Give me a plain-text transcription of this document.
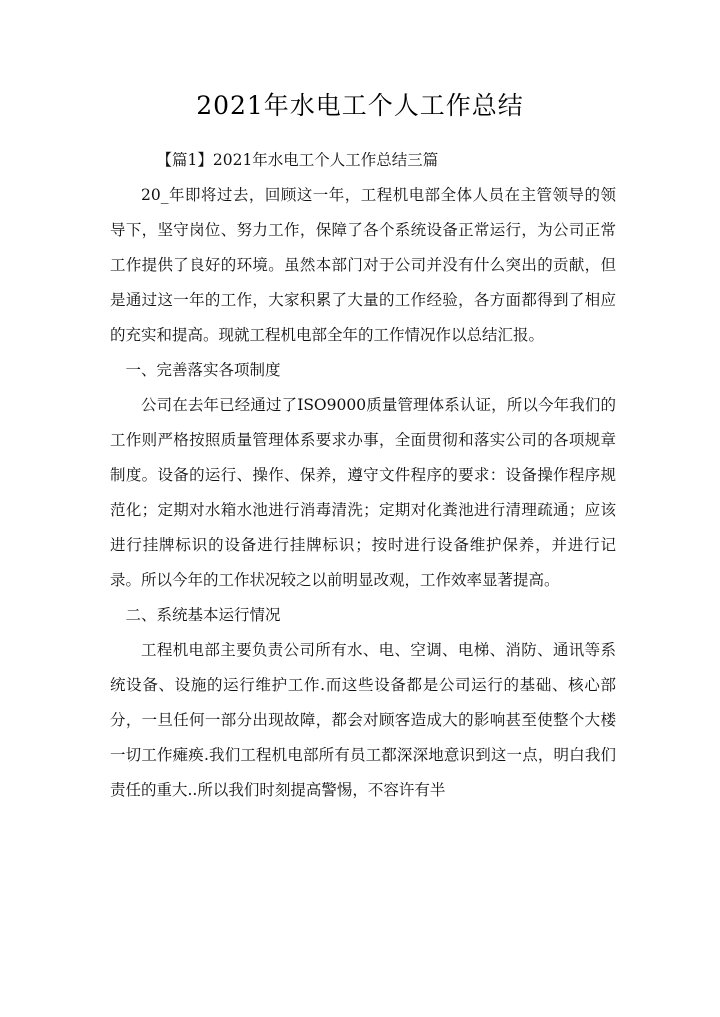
2021年水电工个人工作总结

【篇1】2021年水电工个人工作总结三篇

20_年即将过去，回顾这一年，工程机电部全体人员在主管领导的领导下，坚守岗位、努力工作，保障了各个系统设备正常运行，为公司正常工作提供了良好的环境。虽然本部门对于公司并没有什么突出的贡献，但是通过这一年的工作，大家积累了大量的工作经验，各方面都得到了相应的充实和提高。现就工程机电部全年的工作情况作以总结汇报。

一、完善落实各项制度

公司在去年已经通过了ISO9000质量管理体系认证，所以今年我们的工作则严格按照质量管理体系要求办事，全面贯彻和落实公司的各项规章制度。设备的运行、操作、保养，遵守文件程序的要求：设备操作程序规范化；定期对水箱水池进行消毒清洗；定期对化粪池进行清理疏通；应该进行挂牌标识的设备进行挂牌标识；按时进行设备维护保养，并进行记录。所以今年的工作状况较之以前明显改观，工作效率显著提高。

二、系统基本运行情况

工程机电部主要负责公司所有水、电、空调、电梯、消防、通讯等系统设备、设施的运行维护工作.而这些设备都是公司运行的基础、核心部分，一旦任何一部分出现故障，都会对顾客造成大的影响甚至使整个大楼一切工作瘫痪.我们工程机电部所有员工都深深地意识到这一点，明白我们责任的重大..所以我们时刻提高警惕，不容许有半
